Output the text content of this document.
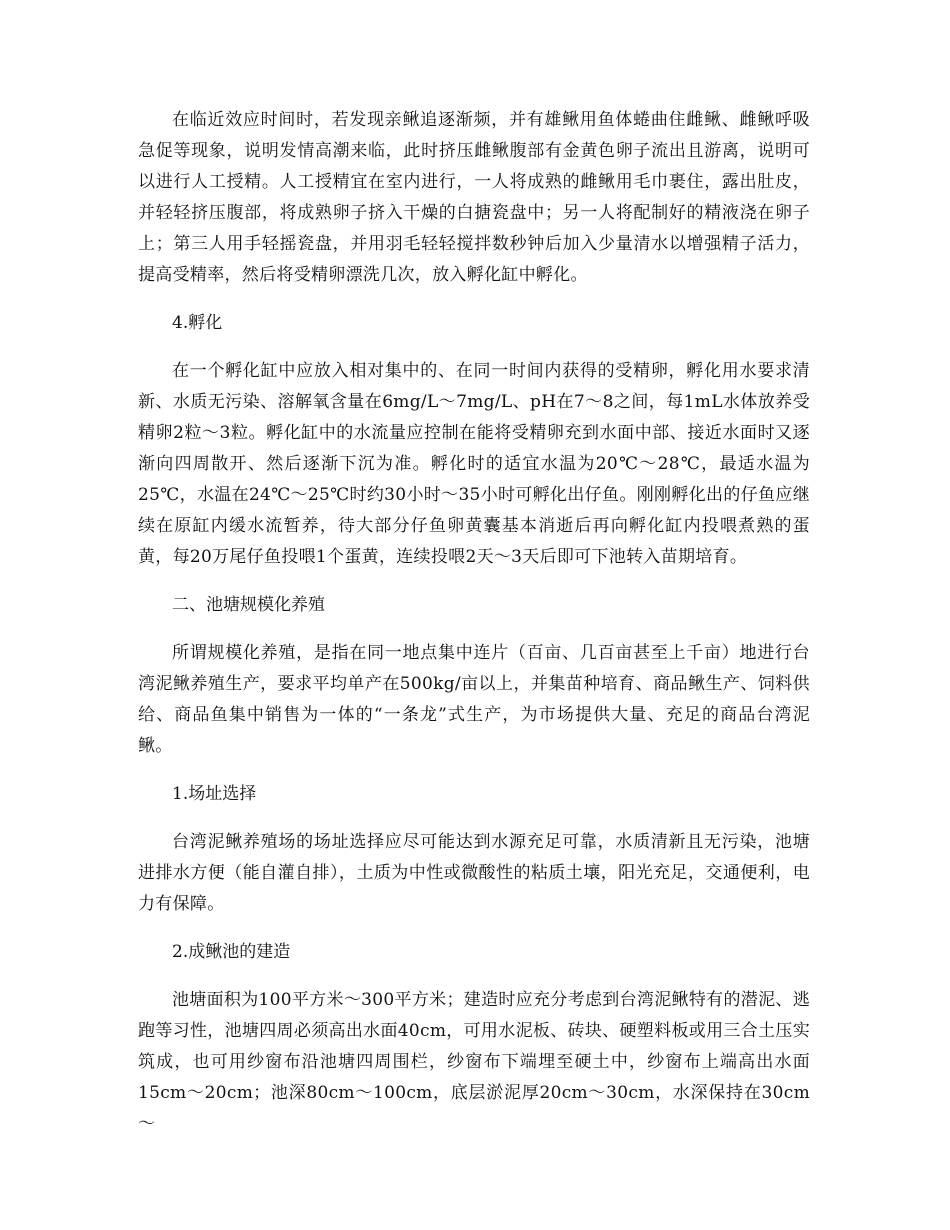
在临近效应时间时，若发现亲鳅追逐渐频，并有雄鳅用鱼体蜷曲住雌鳅、雌鳅呼吸急促等现象，说明发情高潮来临，此时挤压雌鳅腹部有金黄色卵子流出且游离，说明可以进行人工授精。人工授精宜在室内进行，一人将成熟的雌鳅用毛巾裹住，露出肚皮，并轻轻挤压腹部，将成熟卵子挤入干燥的白搪瓷盘中；另一人将配制好的精液浇在卵子上；第三人用手轻摇瓷盘，并用羽毛轻轻搅拌数秒钟后加入少量清水以增强精子活力，提高受精率，然后将受精卵漂洗几次，放入孵化缸中孵化。

4.孵化

在一个孵化缸中应放入相对集中的、在同一时间内获得的受精卵，孵化用水要求清新、水质无污染、溶解氧含量在6mg/L～7mg/L、pH在7～8之间，每1mL水体放养受精卵2粒～3粒。孵化缸中的水流量应控制在能将受精卵充到水面中部、接近水面时又逐渐向四周散开、然后逐渐下沉为准。孵化时的适宜水温为20℃～28℃，最适水温为25℃，水温在24℃～25℃时约30小时～35小时可孵化出仔鱼。刚刚孵化出的仔鱼应继续在原缸内缓水流暂养，待大部分仔鱼卵黄囊基本消逝后再向孵化缸内投喂煮熟的蛋黄，每20万尾仔鱼投喂1个蛋黄，连续投喂2天～3天后即可下池转入苗期培育。

二、池塘规模化养殖

所谓规模化养殖，是指在同一地点集中连片（百亩、几百亩甚至上千亩）地进行台湾泥鳅养殖生产，要求平均单产在500kg/亩以上，并集苗种培育、商品鳅生产、饲料供给、商品鱼集中销售为一体的“一条龙”式生产，为市场提供大量、充足的商品台湾泥鳅。

1.场址选择

台湾泥鳅养殖场的场址选择应尽可能达到水源充足可靠，水质清新且无污染，池塘进排水方便（能自灌自排），土质为中性或微酸性的粘质土壤，阳光充足，交通便利，电力有保障。

2.成鳅池的建造

池塘面积为100平方米～300平方米；建造时应充分考虑到台湾泥鳅特有的潜泥、逃跑等习性，池塘四周必须高出水面40cm，可用水泥板、砖块、硬塑料板或用三合土压实筑成，也可用纱窗布沿池塘四周围栏，纱窗布下端埋至硬土中，纱窗布上端高出水面15cm～20cm；池深80cm～100cm，底层淤泥厚20cm～30cm，水深保持在30cm～
